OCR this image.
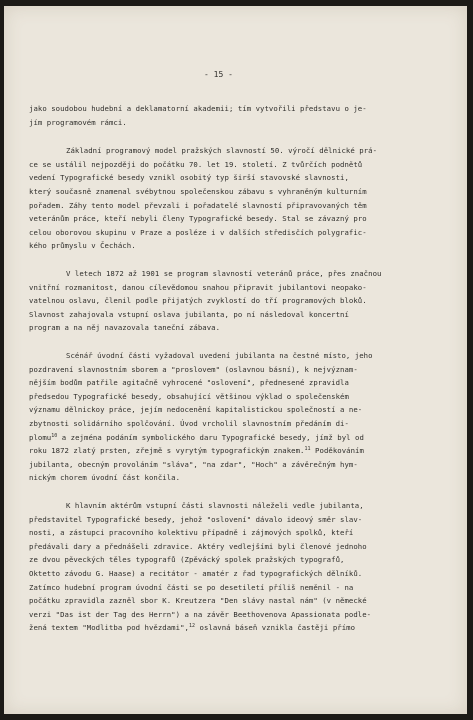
- 15 -

jako soudobou hudební a deklamatorní akademii; tím vytvořili představu o je-

jím programovém rámci.

Základní programový model pražských slavností 50. výročí dělnické prá-

ce se ustálil nejpozději do počátku 70. let 19. století. Z tvůrčích podnětů

vedení Typografické besedy vznikl osobitý typ širší stavovské slavnosti,

který současně znamenal svébytnou společenskou zábavu s vyhraněným kulturním

pořadem. Záhy tento model převzali i pořadatelé slavností připravovaných těm

veteránům práce, kteří nebyli členy Typografické besedy. Stal se závazný pro

celou oborovou skupinu v Praze a posléze i v dalších středisčích polygrafic-

kého průmyslu v Čechách.

V letech 1872 až 1901 se program slavností veteránů práce, přes značnou

vnitřní rozmanitost, danou cílevědomou snahou připravit jubilantovi neopako-

vatelnou oslavu, členil podle přijatých zvyklostí do tří programových bloků.

Slavnost zahajovala vstupní oslava jubilanta, po ní následoval koncertní

program a na něj navazovala taneční zábava.

Scénář úvodní části vyžadoval uvedení jubilanta na čestné místo, jeho

pozdravení slavnostním sborem a "proslovem" (oslavnou básní), k nejvýznam-

nějším bodům patřile agitačně vyhrocené "oslovení", přednesené zpravidla

předsedou Typografické besedy, obsahující většinou výklad o společenském

významu dělnickoy práce, jejím nedocenění kapitalistickou společností a ne-

zbytnosti solidárního spolčování. Úvod vrcholil slavnostním předáním di-

plomu$^{10}$ a zejména podáním symbolického daru Typografické besedy, jímž byl od

roku 1872 zlatý prsten, zřejmě s vyrytým typografickým znakem.$^{11}$ Poděkováním

jubilanta, obecným provoláním "sláva", "na zdar", "Hoch" a závěrečným hym-

nickým chorem úvodní část končila.

K hlavním aktérům vstupní části slavnosti náleželi vedle jubilanta,

představitel Typografické besedy, jehož "oslovení" dávalo ideový směr slav-

nosti, a zástupci pracovního kolektivu případně i zájmových spolků, kteří

předávali dary a přednášeli zdravice. Aktéry vedlejšími byli členové jednoho

ze dvou pěveckých těles typografů (Zpěvácký spolek pražských typografů,

Oktetto závodu G. Haase) a recitátor - amatér z řad typografických dělníků.

Zatímco hudební program úvodní části se po desetiletí příliš neměnil - na

počátku zpravidla zazněl sbor K. Kreutzera "Den slávy nastal nám" (v německé

verzi "Das ist der Tag des Herrn") a na závěr Beethovenova Apassionata podle-

žená textem "Modlitba pod hvězdami",$^{12}$ oslavná báseň vznikla častěji přímo
